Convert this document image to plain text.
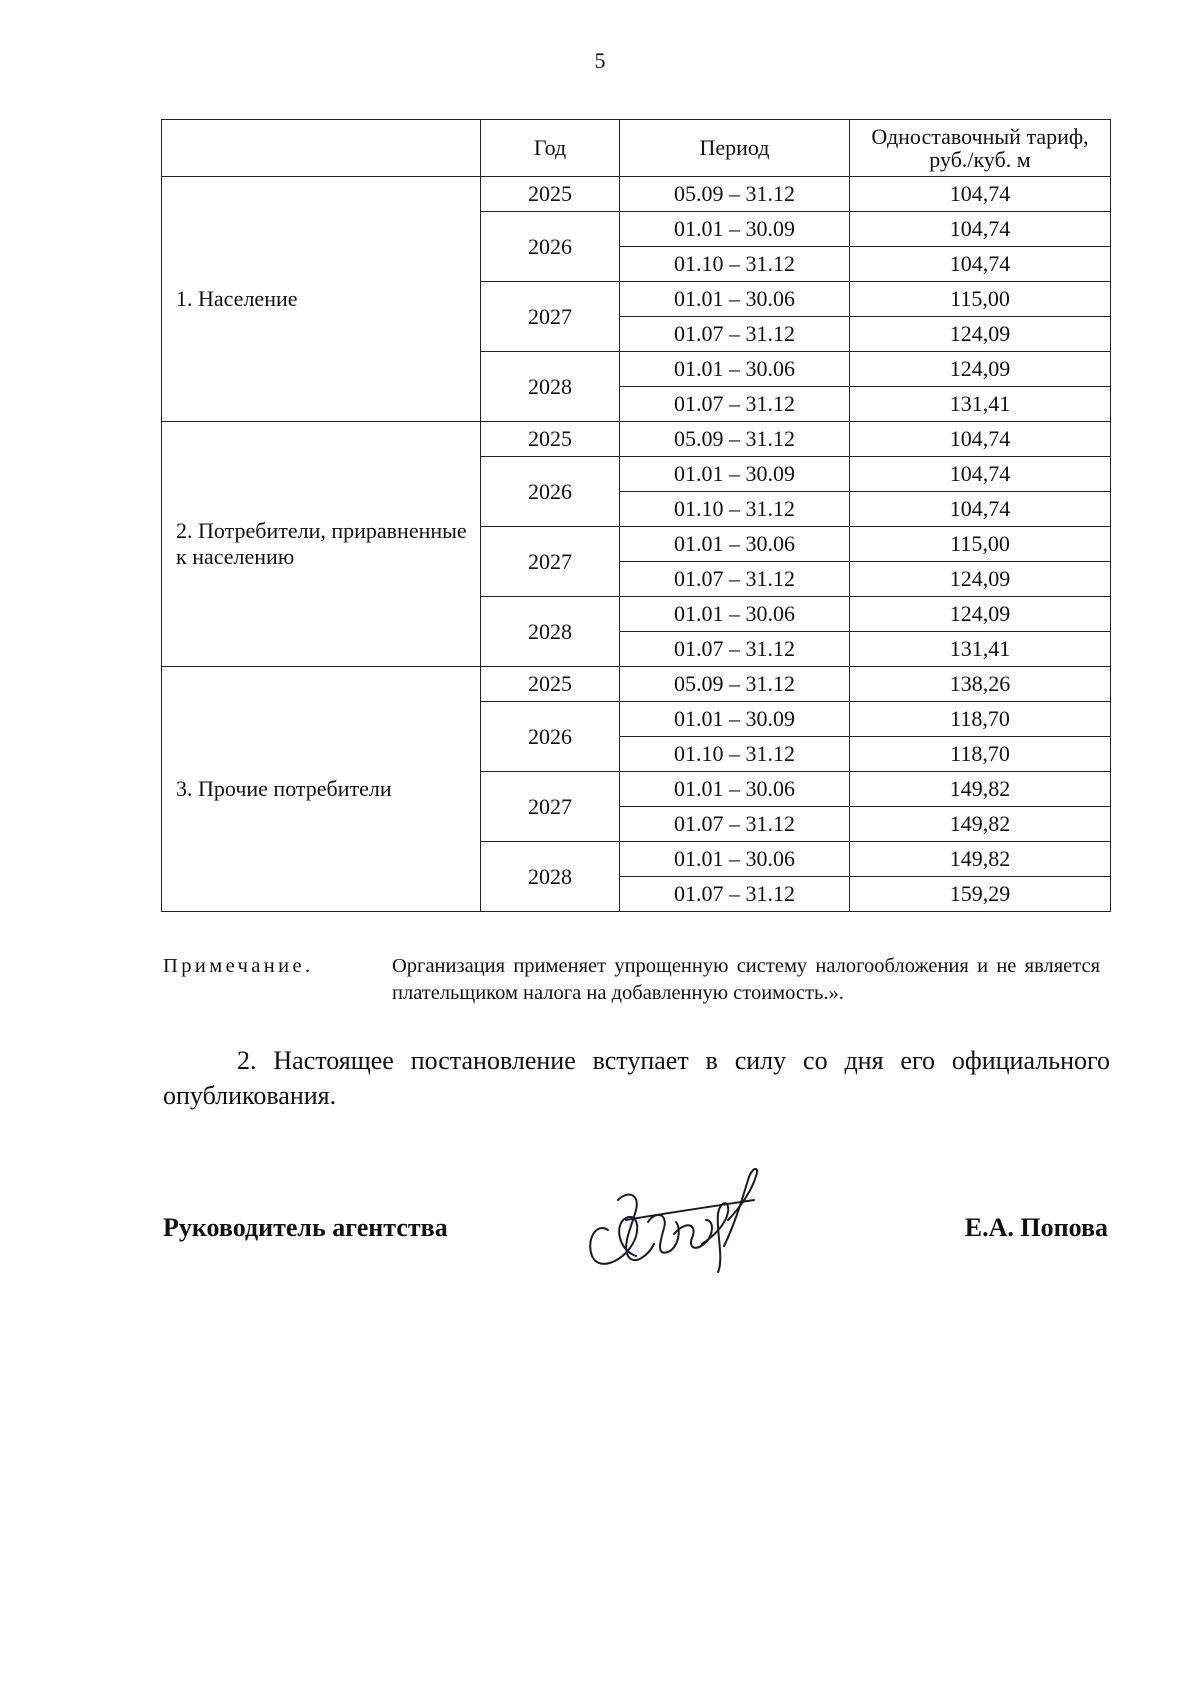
5
	Год	Период	Одноставочный тариф, руб./куб. м
1. Население	2025	05.09 – 31.12	104,74
	2026	01.01 – 30.09	104,74
		01.10 – 31.12	104,74
	2027	01.01 – 30.06	115,00
		01.07 – 31.12	124,09
	2028	01.01 – 30.06	124,09
		01.07 – 31.12	131,41
2. Потребители, приравненные к населению	2025	05.09 – 31.12	104,74
	2026	01.01 – 30.09	104,74
		01.10 – 31.12	104,74
	2027	01.01 – 30.06	115,00
		01.07 – 31.12	124,09
	2028	01.01 – 30.06	124,09
		01.07 – 31.12	131,41
3. Прочие потребители	2025	05.09 – 31.12	138,26
	2026	01.01 – 30.09	118,70
		01.10 – 31.12	118,70
	2027	01.01 – 30.06	149,82
		01.07 – 31.12	149,82
	2028	01.01 – 30.06	149,82
		01.07 – 31.12	159,29
Примечание.	Организация применяет упрощенную систему налогообложения и не является плательщиком налога на добавленную стоимость.».
2. Настоящее постановление вступает в силу со дня его официального опубликования.
Руководитель агентства	Е.А. Попова
